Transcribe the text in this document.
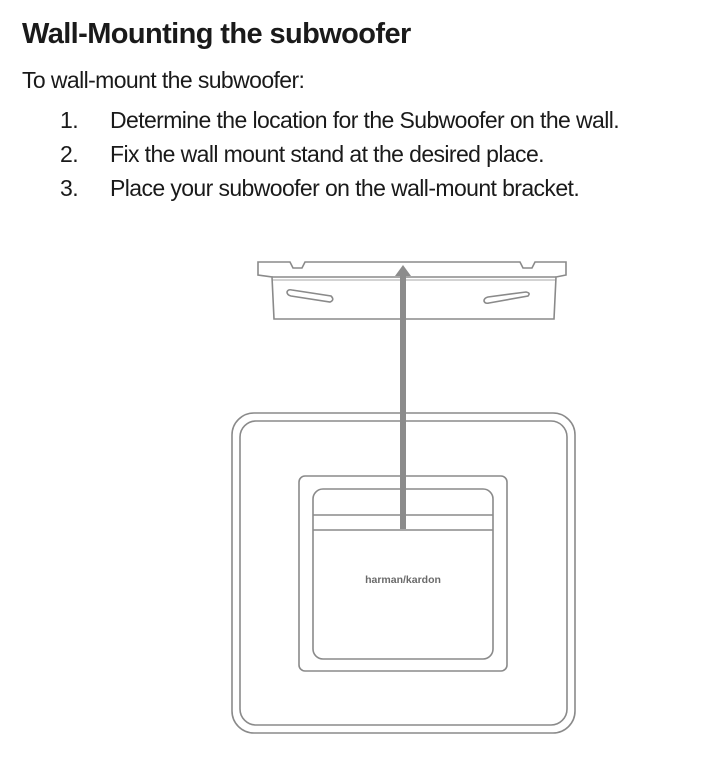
Wall-Mounting the subwoofer

To wall-mount the subwoofer:

1. Determine the location for the Subwoofer on the wall.
2. Fix the wall mount stand at the desired place.
3. Place your subwoofer on the wall-mount bracket.
harman/kardon
